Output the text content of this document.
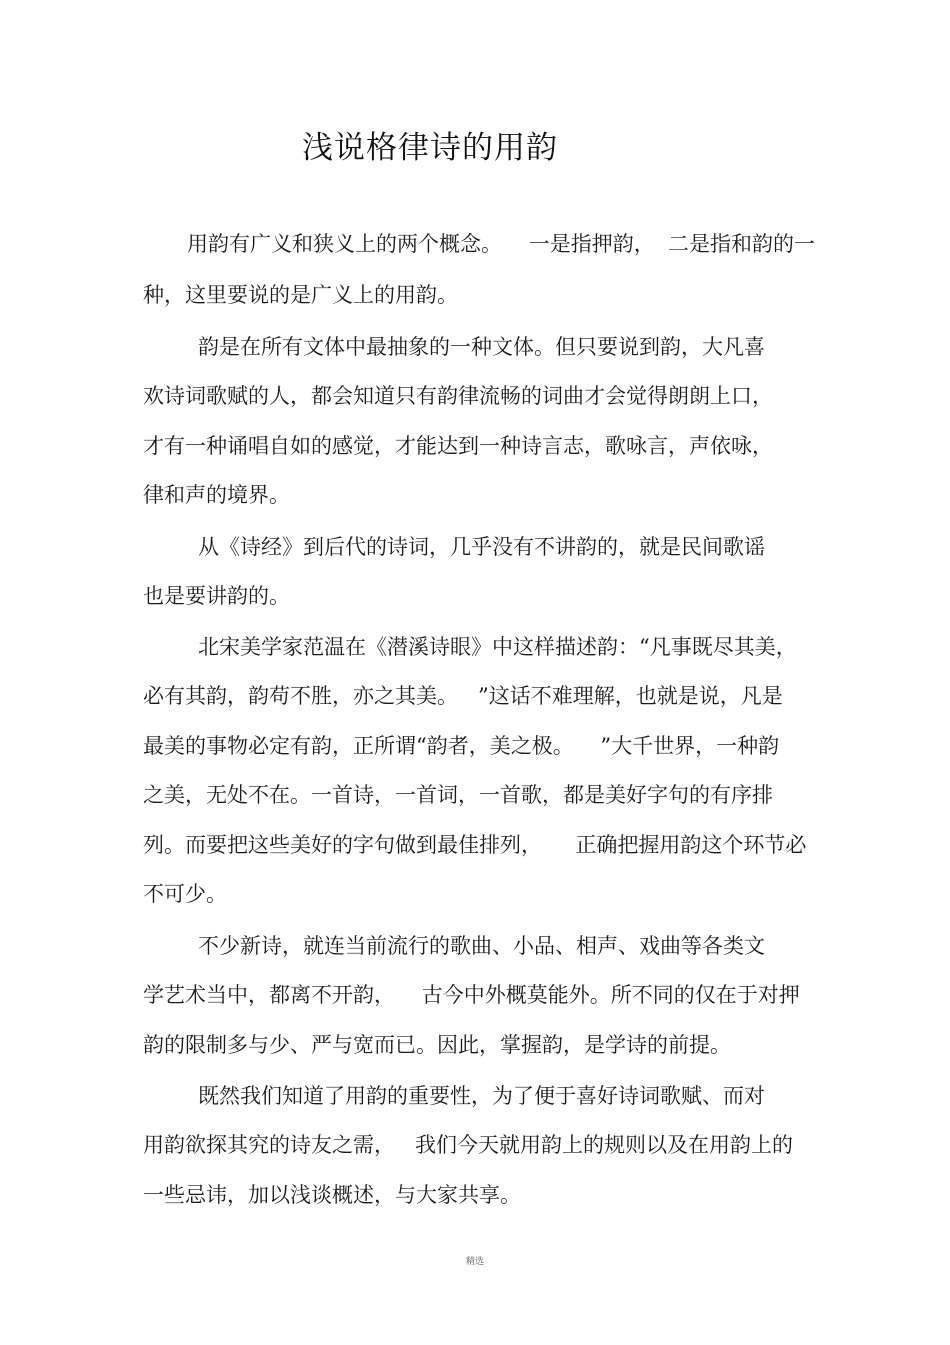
浅说格律诗的用韵
用韵有广义和狭义上的两个概念。    一是指押韵，  二是指和韵的一
种，这里要说的是广义上的用韵。
韵是在所有文体中最抽象的一种文体。但只要说到韵，大凡喜
欢诗词歌赋的人，都会知道只有韵律流畅的词曲才会觉得朗朗上口，
才有一种诵唱自如的感觉，才能达到一种诗言志，歌咏言，声依咏，
律和声的境界。
从《诗经》到后代的诗词，几乎没有不讲韵的，就是民间歌谣
也是要讲韵的。
北宋美学家范温在《潜溪诗眼》中这样描述韵：“凡事既尽其美，
必有其韵，韵苟不胜，亦之其美。   ”这话不难理解，也就是说，凡是
最美的事物必定有韵，正所谓“韵者，美之极。    ”大千世界，一种韵
之美，无处不在。一首诗，一首词，一首歌，都是美好字句的有序排
列。而要把这些美好的字句做到最佳排列，     正确把握用韵这个环节必
不可少。
不少新诗，就连当前流行的歌曲、小品、相声、戏曲等各类文
学艺术当中，都离不开韵，    古今中外概莫能外。所不同的仅在于对押
韵的限制多与少、严与宽而已。因此，掌握韵，是学诗的前提。
既然我们知道了用韵的重要性，为了便于喜好诗词歌赋、而对
用韵欲探其究的诗友之需，   我们今天就用韵上的规则以及在用韵上的
一些忌讳，加以浅谈概述，与大家共享。
精选
